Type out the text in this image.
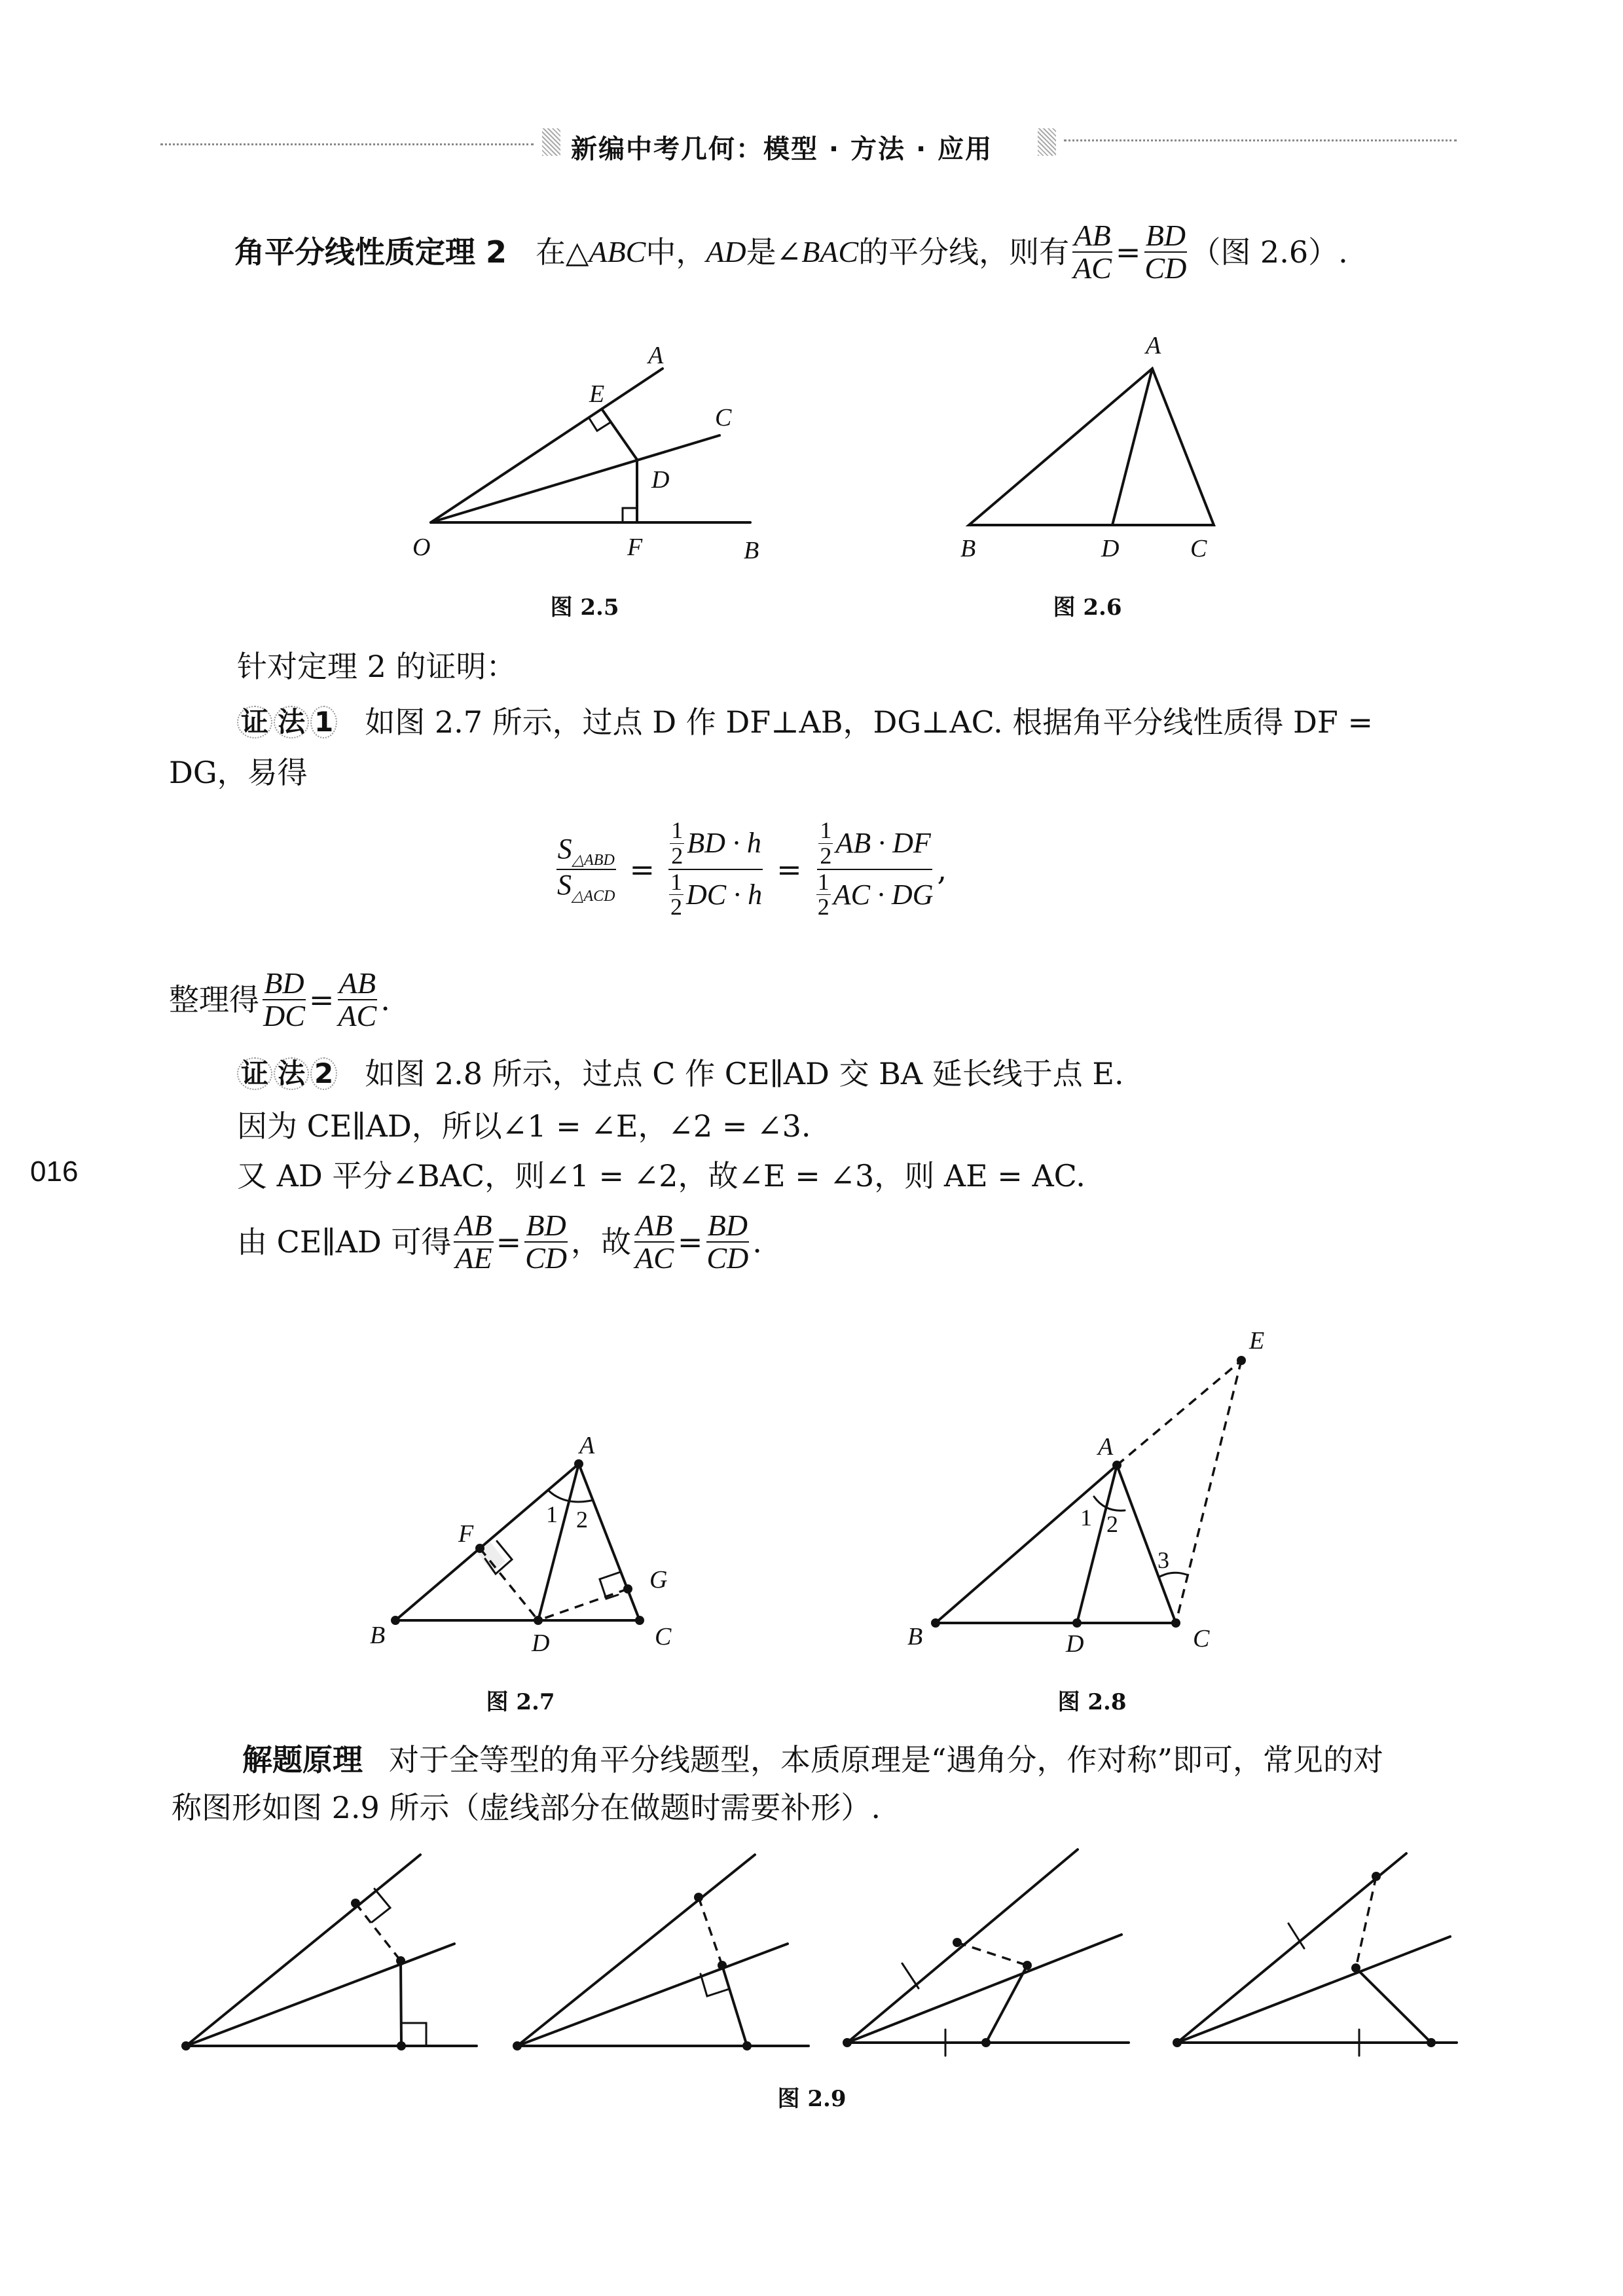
新编中考几何：模型 · 方法 · 应用
016
角平分线性质定理 2 在△ ABC 中， AD 是∠ BAC 的平分线，则有 $\frac{AB}{AC} = \frac{BD}{CD}$ （图 2.6）.
图 2.5	图 2.6
针对定理 2 的证明：
证 法 1 如图 2.7 所示，过点 D 作 DF⊥AB，DG⊥AC. 根据角平分线性质得 DF =
DG，易得
$\frac{S_{\triangle ABD}}{S_{\triangle ACD}} = \frac{\frac{1}{2} BD \cdot h}{\frac{1}{2} DC \cdot h} = \frac{\frac{1}{2} AB \cdot DF}{\frac{1}{2} AC \cdot DG}$ ,
整理得 $\frac{BD}{DC} = \frac{AB}{AC}$ .
证 法 2 如图 2.8 所示，过点 C 作 CE∥AD 交 BA 延长线于点 E.
因为 CE∥AD，所以∠1 = ∠E，∠2 = ∠3.
又 AD 平分∠BAC，则∠1 = ∠2，故∠E = ∠3，则 AE = AC.
由 CE∥AD 可得 $\frac{AB}{AE} = \frac{BD}{CD}$ ，故 $\frac{AB}{AC} = \frac{BD}{CD}$ .
图 2.7	图 2.8
解题原理 对于全等型的角平分线题型，本质原理是“遇角分，作对称”即可，常见的对
称图形如图 2.9 所示（虚线部分在做题时需要补形）.
图 2.9
A
E
C
D
O	F	B
A
B	D	C
A
F
G
B	D	C
1 2
A
E
B	D	C
1 2
3
